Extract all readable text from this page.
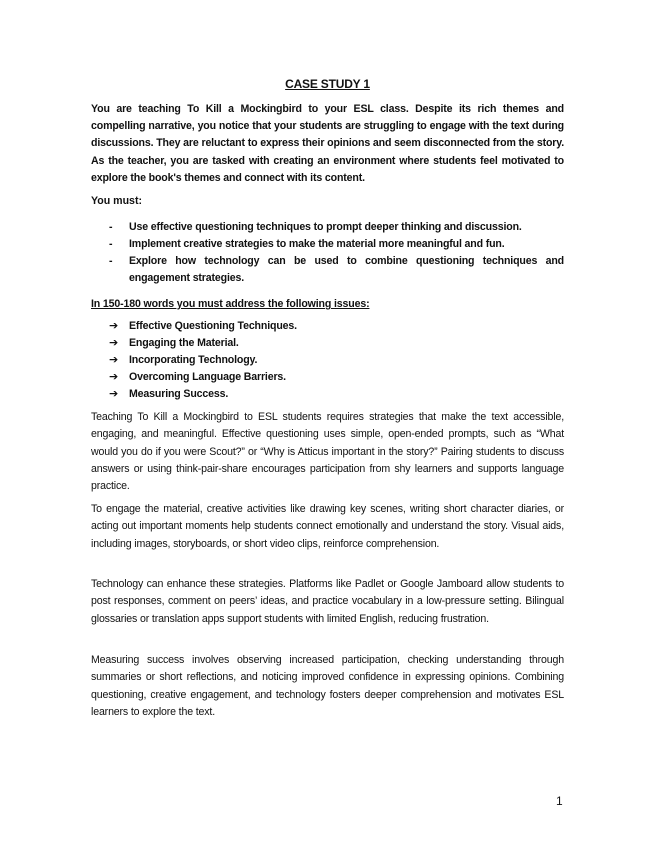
CASE STUDY 1
You are teaching To Kill a Mockingbird to your ESL class. Despite its rich themes and compelling narrative, you notice that your students are struggling to engage with the text during discussions. They are reluctant to express their opinions and seem disconnected from the story. As the teacher, you are tasked with creating an environment where students feel motivated to explore the book's themes and connect with its content.
You must:
- Use effective questioning techniques to prompt deeper thinking and discussion.
- Implement creative strategies to make the material more meaningful and fun.
- Explore how technology can be used to combine questioning techniques and engagement strategies.
In 150-180 words you must address the following issues:
➔ Effective Questioning Techniques.
➔ Engaging the Material.
➔ Incorporating Technology.
➔ Overcoming Language Barriers.
➔ Measuring Success.
Teaching To Kill a Mockingbird to ESL students requires strategies that make the text accessible, engaging, and meaningful. Effective questioning uses simple, open-ended prompts, such as “What would you do if you were Scout?” or “Why is Atticus important in the story?” Pairing students to discuss answers or using think-pair-share encourages participation from shy learners and supports language practice.
To engage the material, creative activities like drawing key scenes, writing short character diaries, or acting out important moments help students connect emotionally and understand the story. Visual aids, including images, storyboards, or short video clips, reinforce comprehension.
Technology can enhance these strategies. Platforms like Padlet or Google Jamboard allow students to post responses, comment on peers’ ideas, and practice vocabulary in a low-pressure setting. Bilingual glossaries or translation apps support students with limited English, reducing frustration.
Measuring success involves observing increased participation, checking understanding through summaries or short reflections, and noticing improved confidence in expressing opinions. Combining questioning, creative engagement, and technology fosters deeper comprehension and motivates ESL learners to explore the text.
1
